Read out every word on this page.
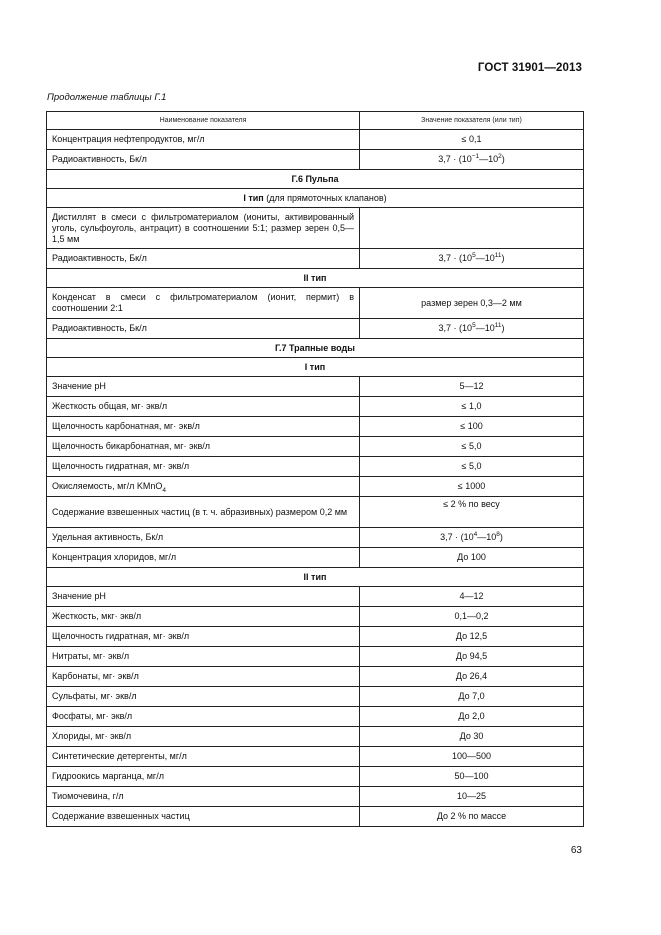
ГОСТ 31901—2013
Продолжение таблицы Г.1
Наименование показателя	Значение показателя (или тип)
Концентрация нефтепродуктов, мг/л	≤ 0,1
Радиоактивность, Бк/л	$3,7 \cdot (10^{-1}—10^2)$
Г.6 Пульпа	
I тип (для прямоточных клапанов)	
Дистиллят в смеси с фильтроматериалом (иониты, активированный уголь, сульфоуголь, антрацит) в соотношении 5:1; размер зерен 0,5—1,5 мм	
Радиоактивность, Бк/л	$3,7 \cdot (10^5—10^{11})$
II тип	
Конденсат в смеси с фильтроматериалом (ионит, пермит) в соотношении 2:1	размер зерен 0,3—2 мм
Радиоактивность, Бк/л	$3,7 \cdot (10^5—10^{11})$
Г.7 Трапные воды	
I тип	
Значение pH	5—12
Жесткость общая, мг· экв/л	≤ 1,0
Щелочность карбонатная, мг· экв/л	≤ 100
Щелочность бикарбонатная, мг· экв/л	≤ 5,0
Щелочность гидратная, мг· экв/л	≤ 5,0
Окисляемость, мг/л KMnO$_4$	≤ 1000
Содержание взвешенных частиц (в т. ч. абразивных) размером 0,2 мм	≤ 2 % по весу
Удельная активность, Бк/л	$3,7 \cdot (10^4—10^8)$
Концентрация хлоридов, мг/л	До 100
II тип	
Значение pH	4—12
Жесткость, мкг· экв/л	0,1—0,2
Щелочность гидратная, мг· экв/л	До 12,5
Нитраты, мг· экв/л	До 94,5
Карбонаты, мг· экв/л	До 26,4
Сульфаты, мг· экв/л	До 7,0
Фосфаты, мг· экв/л	До 2,0
Хлориды, мг· экв/л	До 30
Синтетические детергенты, мг/л	100—500
Гидроокись марганца, мг/л	50—100
Тиомочевина, г/л	10—25
Содержание взвешенных частиц	До 2 % по массе
63
